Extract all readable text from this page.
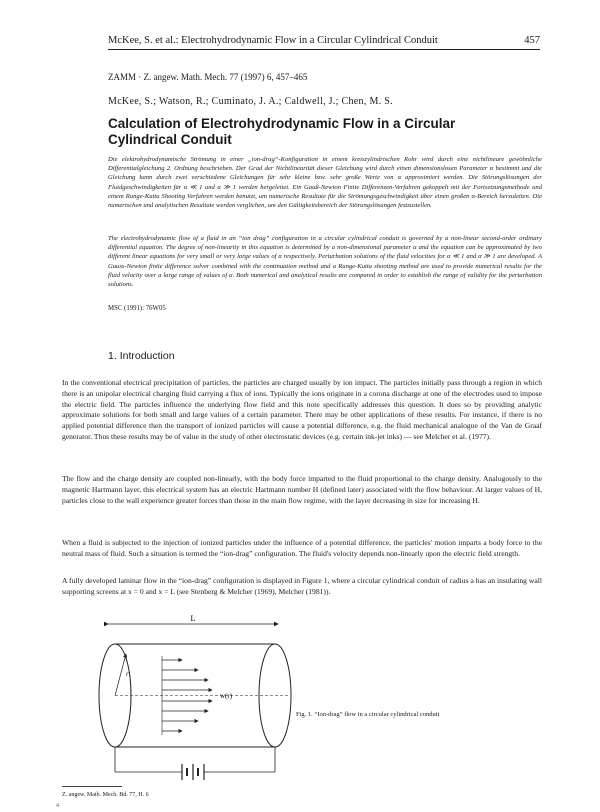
McKee, S. et al.: Electrohydrodynamic Flow in a Circular Cylindrical Conduit	457
ZAMM · Z. angew. Math. Mech. 77 (1997) 6, 457–465
McKee, S.; Watson, R.; Cuminato, J. A.; Caldwell, J.; Chen, M. S.
Calculation of Electrohydrodynamic Flow in a Circular Cylindrical Conduit

Die elektrohydrodynamische Strömung in einer „ion-drag“-Konfiguration in einem kreiszylindrischen Rohr wird durch eine nichtlineare gewöhnliche Differentialgleichung 2. Ordnung beschrieben. Der Grad der Nichtlinearität dieser Gleichung wird durch einen dimensionslosen Parameter α bestimmt und die Gleichung kann durch zwei verschiedene Gleichungen für sehr kleine bzw. sehr große Werte von α approximiert werden. Die Störungslösungen der Fluidgeschwindigkeiten für α ≪ 1 und α ≫ 1 werden hergeleitet. Ein Gauß-Newton Finite Differenzen-Verfahren gekoppelt mit der Fortsetzungsmethode und einem Runge-Kutta Shooting Verfahren werden benutzt, um numerische Resultate für die Strömungsgeschwindigkeit über einen großen α-Bereich herzuleiten. Die numerischen und analytischen Resultate werden verglichen, um den Gültigkeitsbereich der Störungslösungen festzustellen.

The electrohydrodynamic flow of a fluid in an “ion drag” configuration in a circular cylindrical conduit is governed by a non-linear second-order ordinary differential equation. The degree of non-linearity in this equation is determined by a non-dimensional parameter α and the equation can be approximated by two different linear equations for very small or very large values of α respectively. Perturbation solutions of the fluid velocities for α ≪ 1 and α ≫ 1 are developed. A Gauss-Newton finite difference solver combined with the continuation method and a Runge-Kutta shooting method are used to provide numerical results for the fluid velocity over a large range of values of α. Both numerical and analytical results are compared in order to establish the range of validity for the perturbation solutions.

MSC (1991): 76W05
1. Introduction

In the conventional electrical precipitation of particles, the particles are charged usually by ion impact. The particles initially pass through a region in which there is an unipolar electrical charging fluid carrying a flux of ions. Typically the ions originate in a corona discharge at one of the electrodes used to impose the electric field. The particles influence the underlying flow field and this note specifically addresses this question. It does so by providing analytic approximate solutions for both small and large values of a certain parameter. There may be other applications of these results. For instance, if there is no applied potential difference then the transport of ionized particles will cause a potential difference, e.g. the fluid mechanical analogue of the Van de Graaf generator. Thus these results may be of value in the study of other electrostatic devices (e.g. certain ink-jet inks) — see Melcher et al. (1977).

The flow and the charge density are coupled non-linearly, with the body force imparted to the fluid proportional to the charge density. Analogously to the magnetic Hartmann layer, this electrical system has an electric Hartmann number H (defined later) associated with the flow behaviour. At larger values of H, particles close to the wall experience greater forces than those in the main flow regime, with the layer decreasing in size for increasing H.

When a fluid is subjected to the injection of ionized particles under the influence of a potential difference, the particles' motion imparts a body force to the neutral mass of fluid. Such a situation is termed the “ion-drag” configuration. The fluid's velocity depends non-linearly upon the electric field strength.

A fully developed laminar flow in the “ion-drag” configuration is displayed in Figure 1, where a circular cylindrical conduit of radius a has an insulating wall supporting screens at x = 0 and x = L (see Stenberg & Melcher (1969), Melcher (1981)).

L
r
w(r)
Fig. 1. “Ion-drag” flow in a circular cylindrical conduit
Z. angew. Math. Mech. Bd. 77, H. 6
4
